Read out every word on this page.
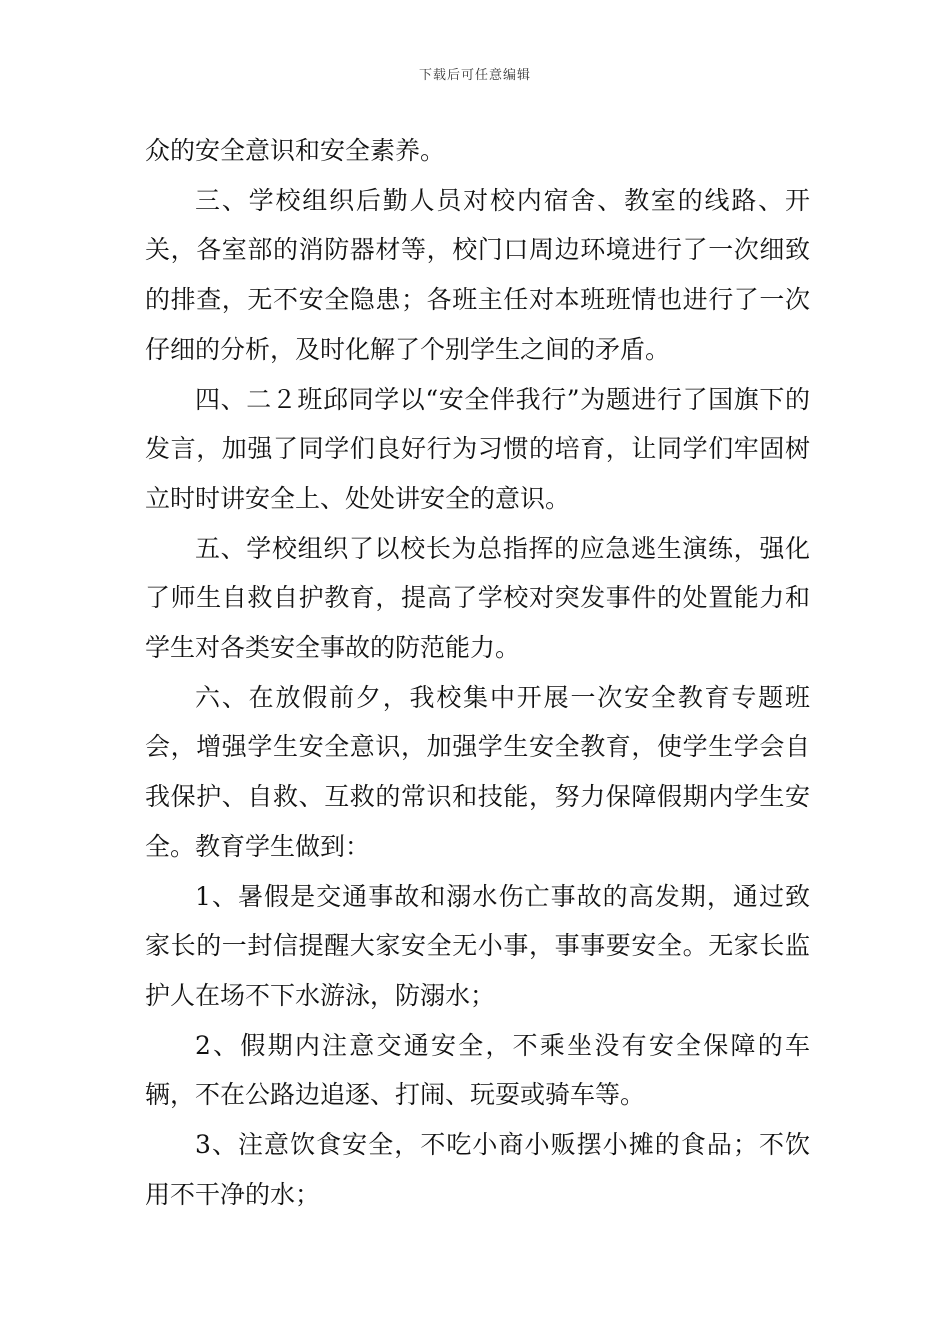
下载后可任意编辑

众的安全意识和安全素养。

三、学校组织后勤人员对校内宿舍、教室的线路、开关，各室部的消防器材等，校门口周边环境进行了一次细致的排查，无不安全隐患；各班主任对本班班情也进行了一次仔细的分析，及时化解了个别学生之间的矛盾。

四、二２班邱同学以“安全伴我行”为题进行了国旗下的发言，加强了同学们良好行为习惯的培育，让同学们牢固树立时时讲安全上、处处讲安全的意识。

五、学校组织了以校长为总指挥的应急逃生演练，强化了师生自救自护教育，提高了学校对突发事件的处置能力和学生对各类安全事故的防范能力。

六、在放假前夕，我校集中开展一次安全教育专题班会，增强学生安全意识，加强学生安全教育，使学生学会自我保护、自救、互救的常识和技能，努力保障假期内学生安全。教育学生做到：

1、暑假是交通事故和溺水伤亡事故的高发期，通过致家长的一封信提醒大家安全无小事，事事要安全。无家长监护人在场不下水游泳，防溺水；

2、假期内注意交通安全，不乘坐没有安全保障的车辆，不在公路边追逐、打闹、玩耍或骑车等。

3、注意饮食安全，不吃小商小贩摆小摊的食品；不饮用不干净的水；
